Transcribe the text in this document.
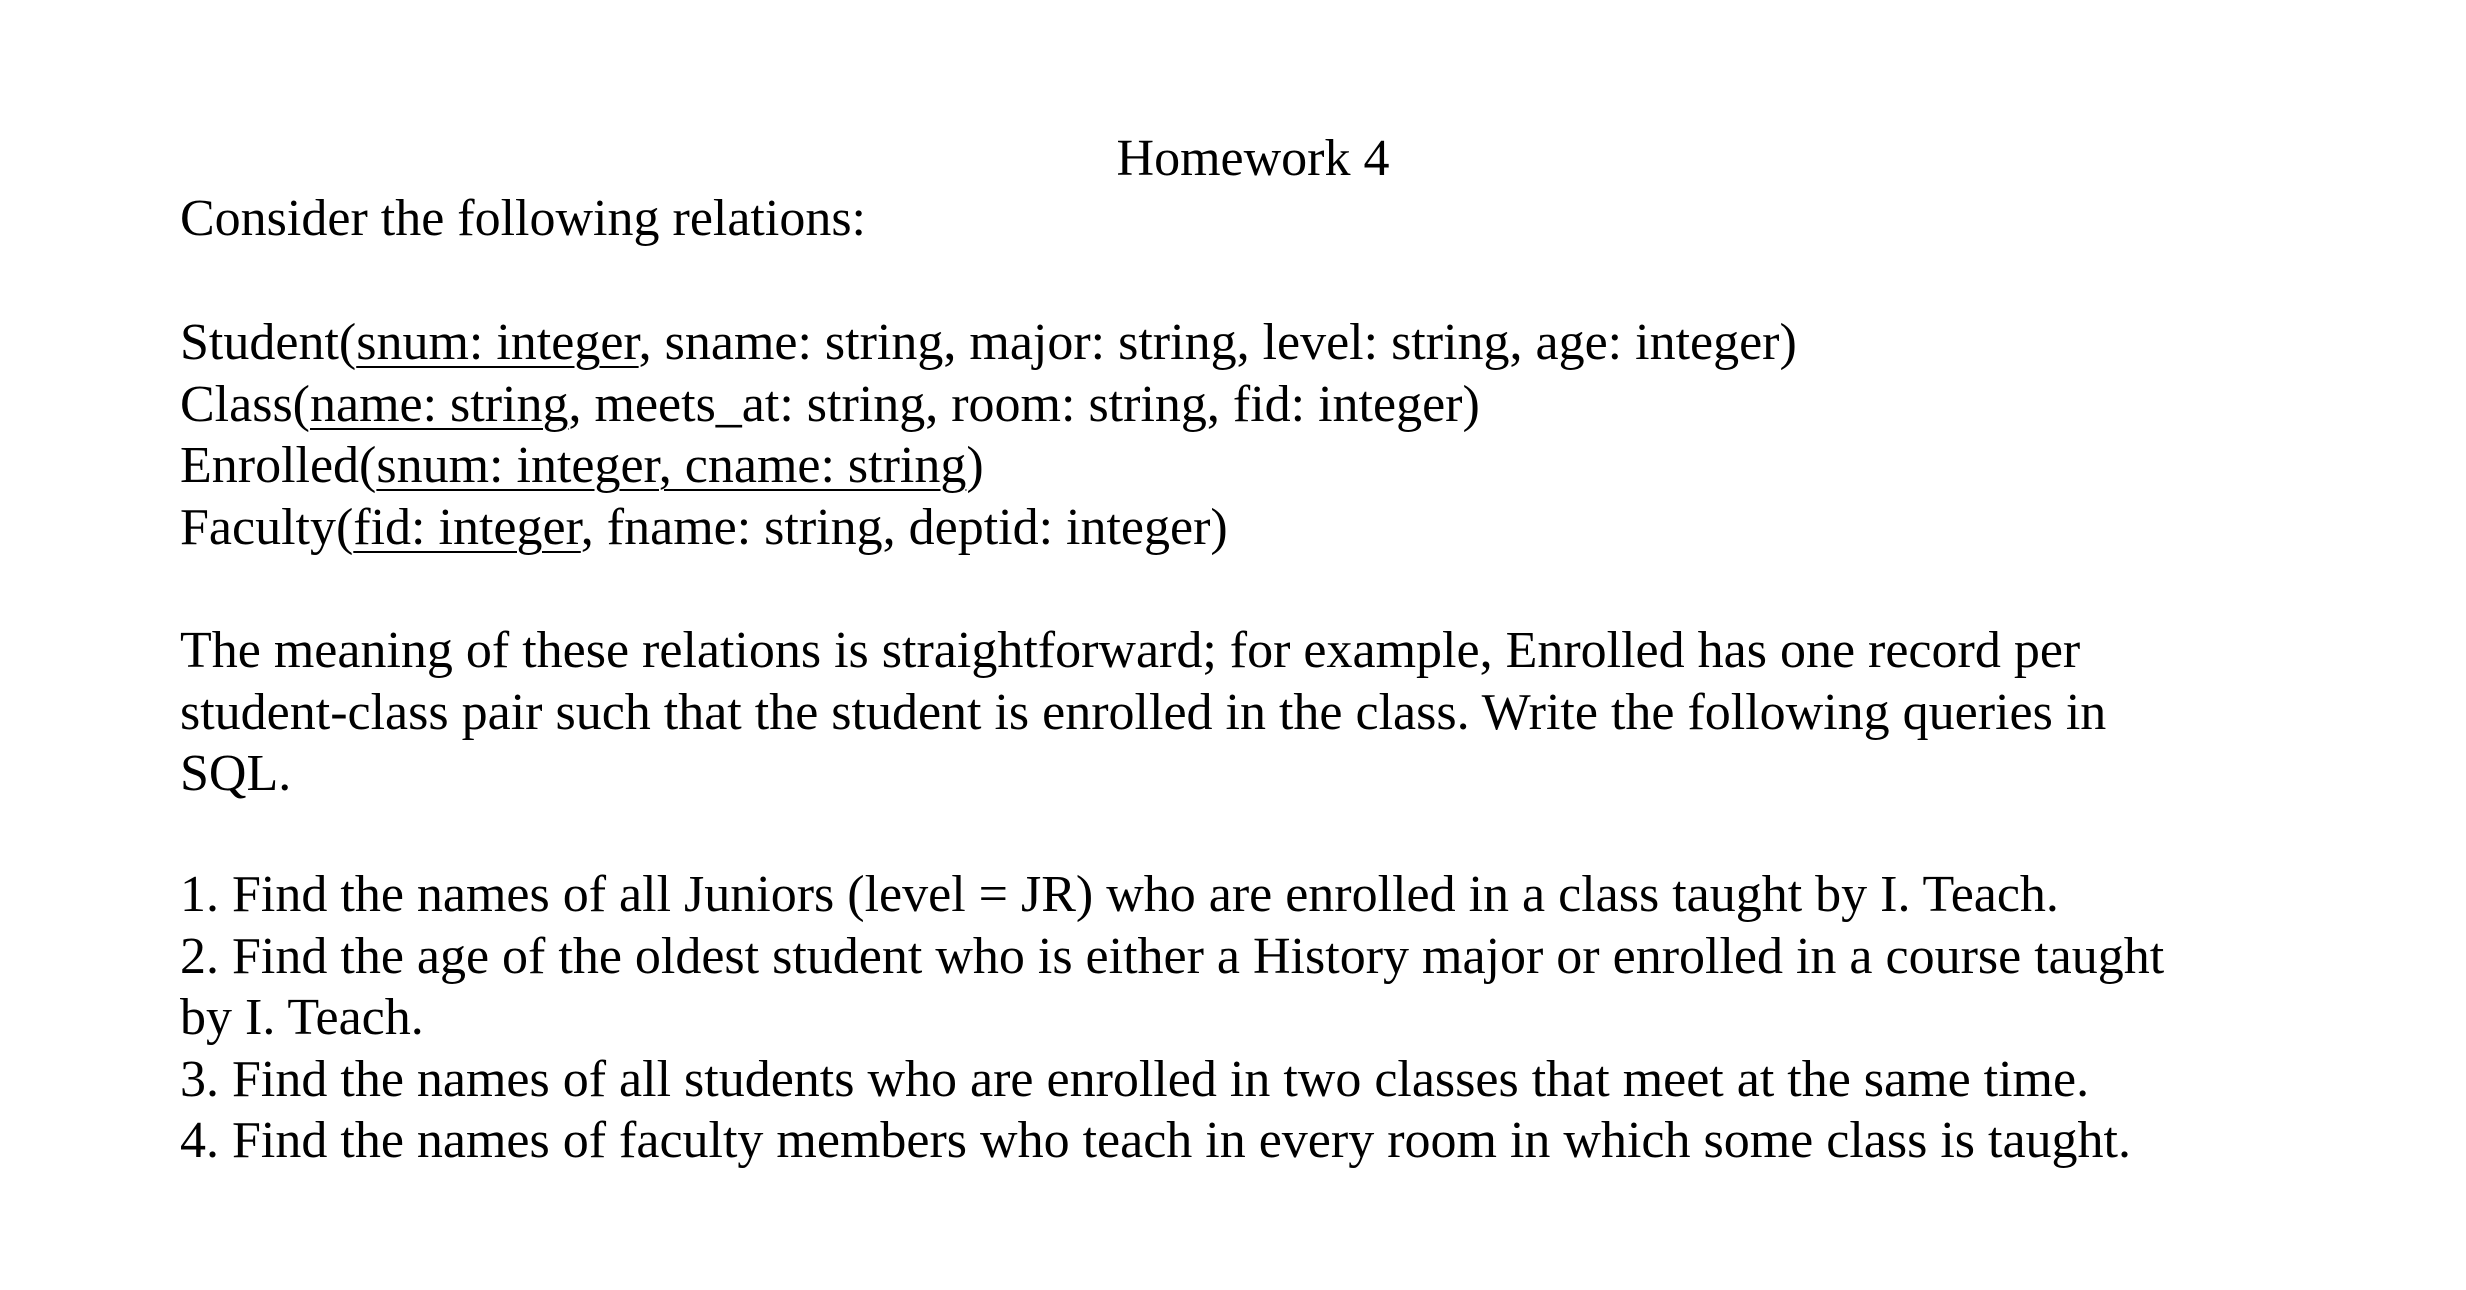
Homework 4
Consider the following relations:
Student(snum: integer, sname: string, major: string, level: string, age: integer)
Class(name: string, meets_at: string, room: string, fid: integer)
Enrolled(snum: integer, cname: string)
Faculty(fid: integer, fname: string, deptid: integer)
The meaning of these relations is straightforward; for example, Enrolled has one record per
student-class pair such that the student is enrolled in the class. Write the following queries in
SQL.
1. Find the names of all Juniors (level = JR) who are enrolled in a class taught by I. Teach.
2. Find the age of the oldest student who is either a History major or enrolled in a course taught
by I. Teach.
3. Find the names of all students who are enrolled in two classes that meet at the same time.
4. Find the names of faculty members who teach in every room in which some class is taught.
